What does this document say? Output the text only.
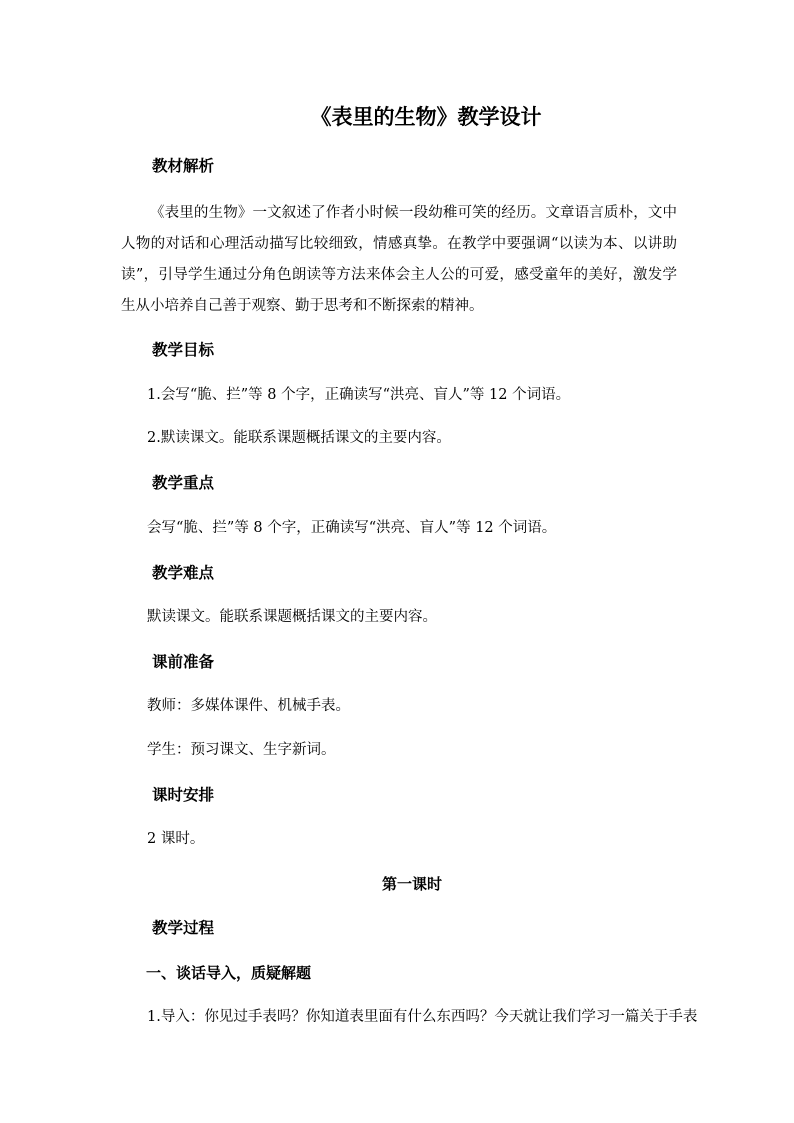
《表里的生物》教学设计
教材解析
《表里的生物》一文叙述了作者小时候一段幼稚可笑的经历。文章语言质朴，文中人物的对话和心理活动描写比较细致，情感真挚。在教学中要强调“以读为本、以讲助读”，引导学生通过分角色朗读等方法来体会主人公的可爱，感受童年的美好，激发学生从小培养自己善于观察、勤于思考和不断探索的精神。
教学目标
1.会写“脆、拦”等 8 个字，正确读写“洪亮、盲人”等 12 个词语。
2.默读课文。能联系课题概括课文的主要内容。
教学重点
会写“脆、拦”等 8 个字，正确读写“洪亮、盲人”等 12 个词语。
教学难点
默读课文。能联系课题概括课文的主要内容。
课前准备
教师：多媒体课件、机械手表。
学生：预习课文、生字新词。
课时安排
2 课时。
第一课时
教学过程
一、谈话导入，质疑解题
1.导入：你见过手表吗？你知道表里面有什么东西吗？今天就让我们学习一篇关于手表
